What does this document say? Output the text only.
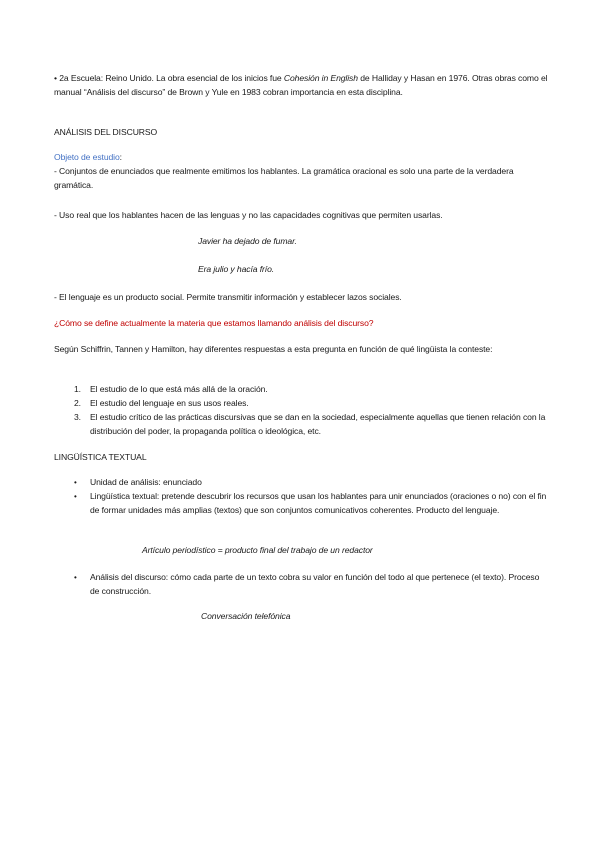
• 2a Escuela: Reino Unido. La obra esencial de los inicios fue Cohesión in English de Halliday y Hasan en 1976. Otras obras como el manual “Análisis del discurso” de Brown y Yule en 1983 cobran importancia en esta disciplina.
ANÁLISIS DEL DISCURSO
Objeto de estudio:
- Conjuntos de enunciados que realmente emitimos los hablantes. La gramática oracional es solo una parte de la verdadera gramática.
- Uso real que los hablantes hacen de las lenguas y no las capacidades cognitivas que permiten usarlas.
Javier ha dejado de fumar.
Era julio y hacía frío.
- El lenguaje es un producto social. Permite transmitir información y establecer lazos sociales.
¿Cómo se define actualmente la materia que estamos llamando análisis del discurso?
Según Schiffrin, Tannen y Hamilton, hay diferentes respuestas a esta pregunta en función de qué lingüista la conteste:
1. El estudio de lo que está más allá de la oración.
2. El estudio del lenguaje en sus usos reales.
3. El estudio crítico de las prácticas discursivas que se dan en la sociedad, especialmente aquellas que tienen relación con la distribución del poder, la propaganda política o ideológica, etc.
LINGÜÍSTICA TEXTUAL
• Unidad de análisis: enunciado
• Lingüística textual: pretende descubrir los recursos que usan los hablantes para unir enunciados (oraciones o no) con el fin de formar unidades más amplias (textos) que son conjuntos comunicativos coherentes. Producto del lenguaje.
Artículo periodístico = producto final del trabajo de un redactor
• Análisis del discurso: cómo cada parte de un texto cobra su valor en función del todo al que pertenece (el texto). Proceso de construcción.
Conversación telefónica
